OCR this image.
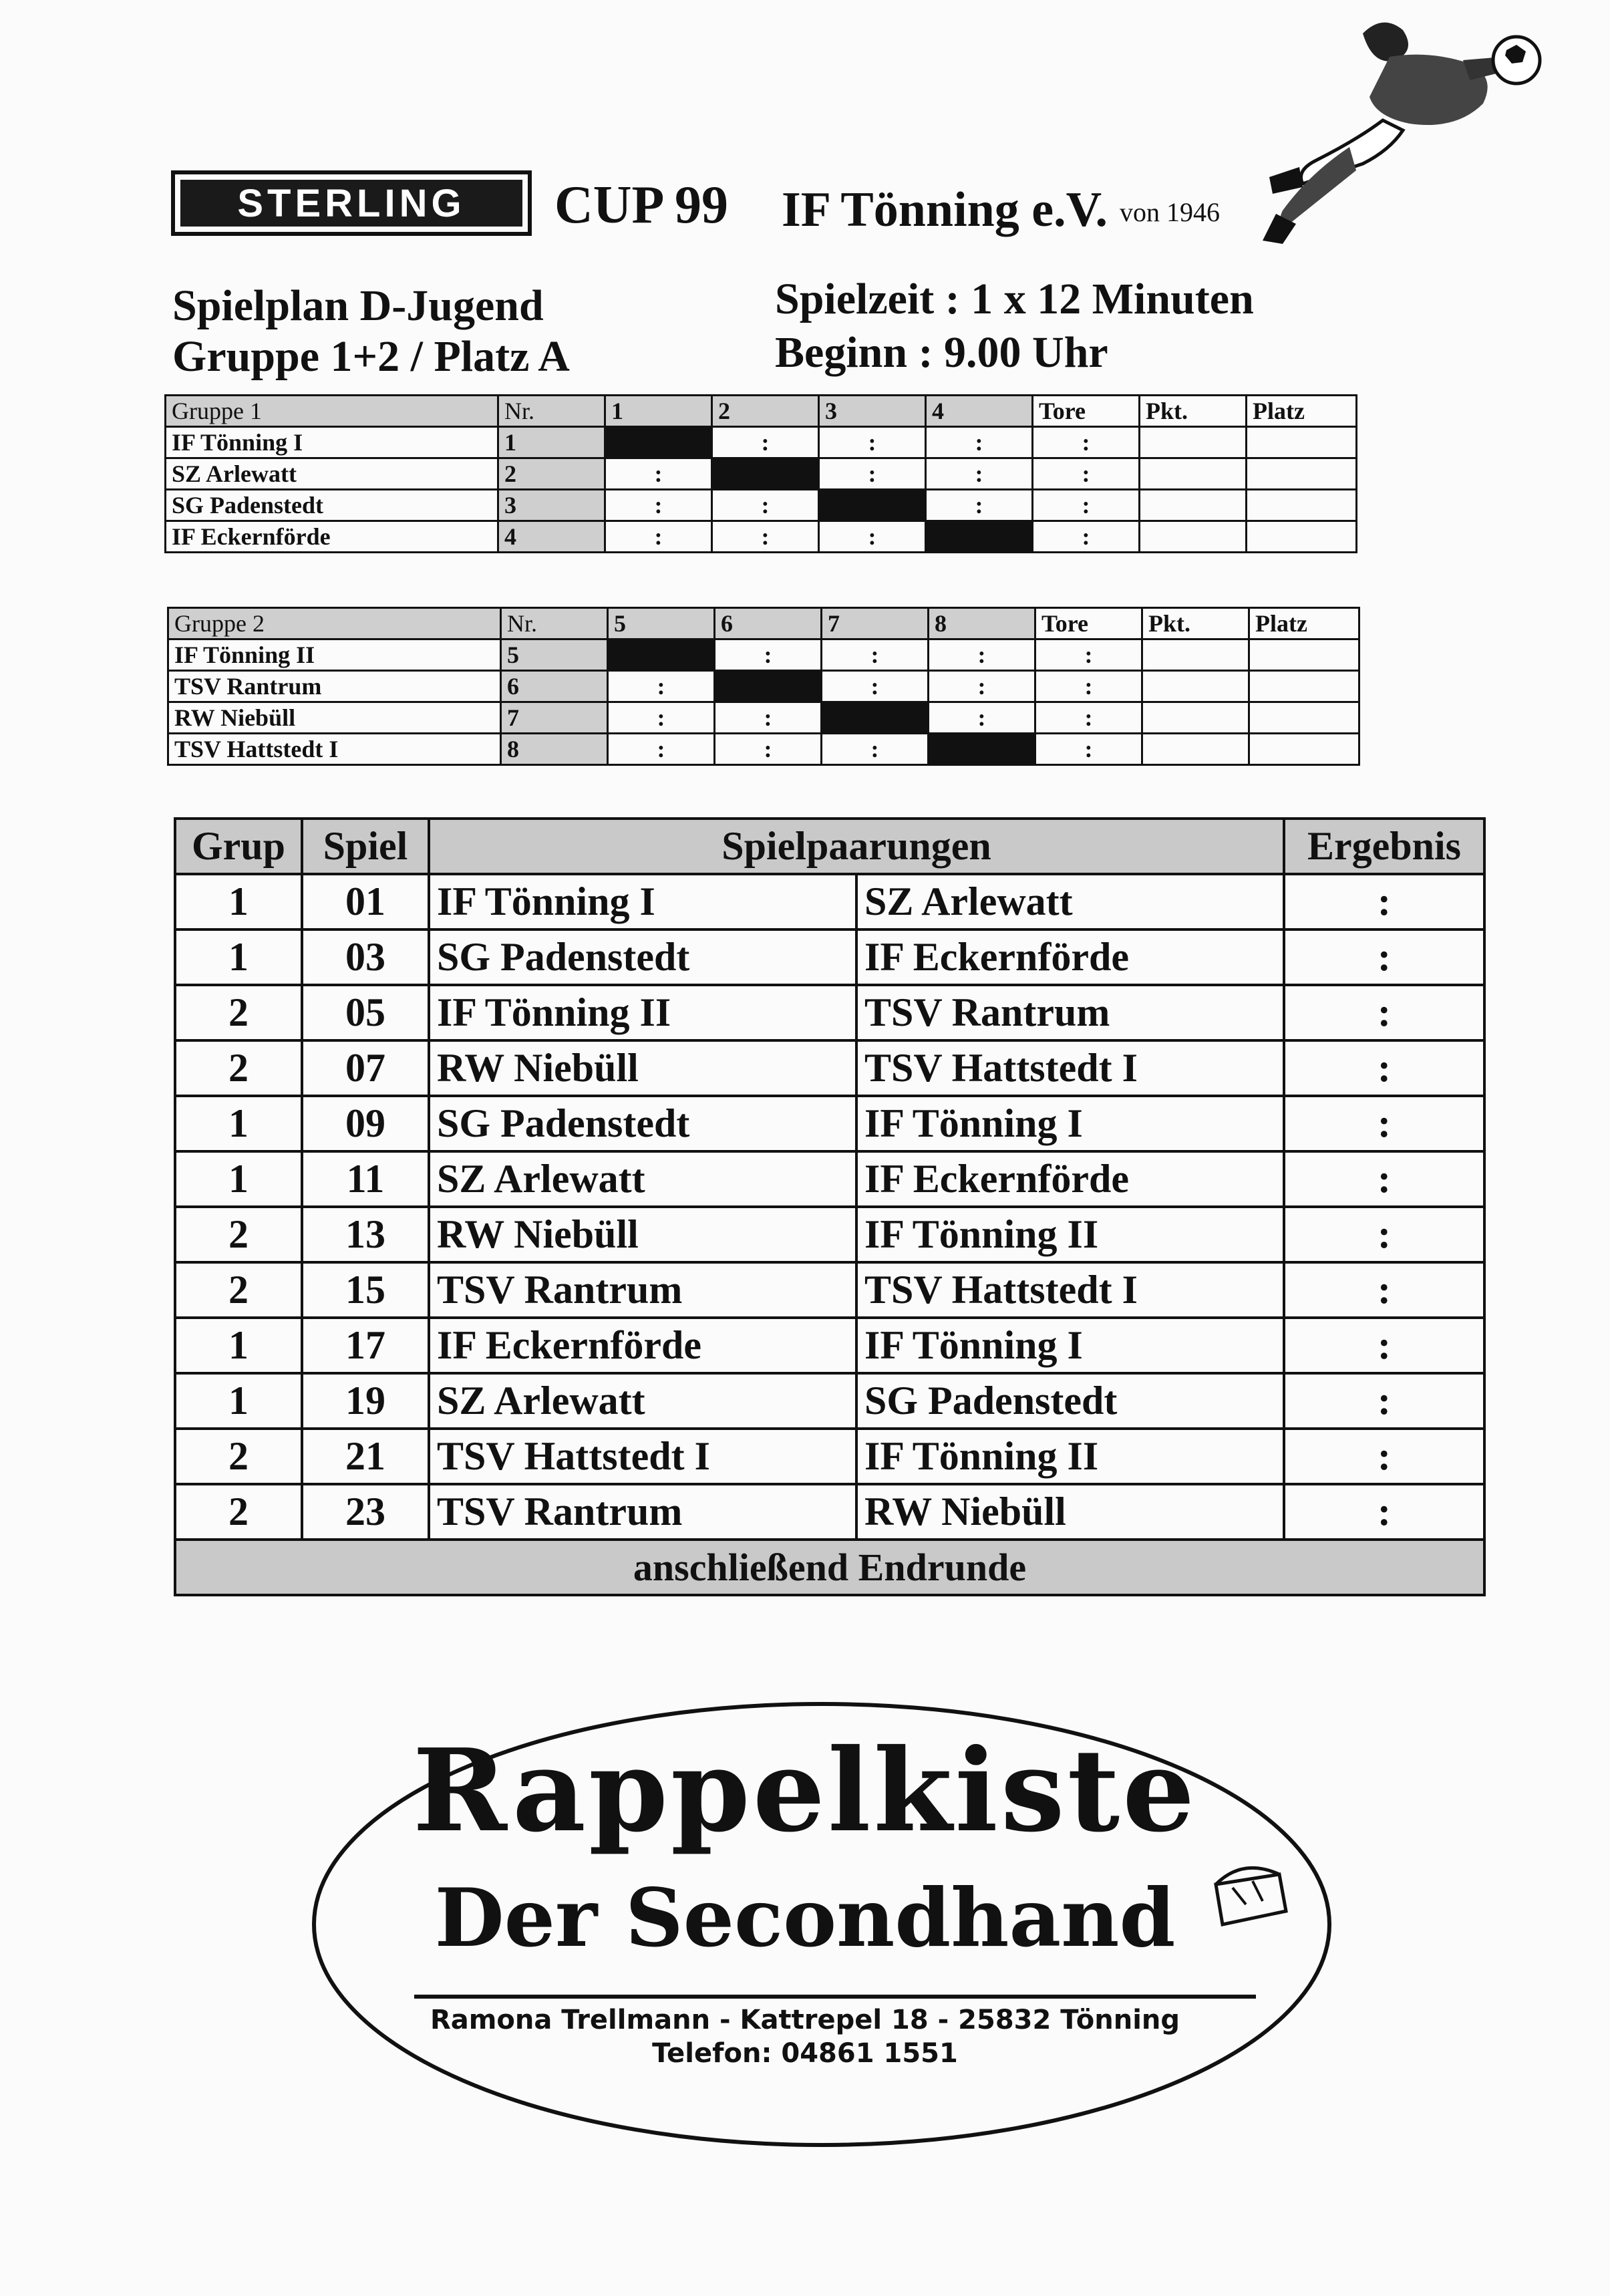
STERLING	CUP 99 IF Tönning e.V. von 1946
Spielplan D-Jugend
Gruppe 1+2 / Platz A
Spielzeit : 1 x 12 Minuten
Beginn : 9.00 Uhr
Gruppe 1	Nr.	1	2	3	4	Tore	Pkt.	Platz
IF Tönning I	1		:	:	:	:		
SZ Arlewatt	2	:		:	:	:		
SG Padenstedt	3	:	:		:	:		
IF Eckernförde	4	:	:	:		:		
Gruppe 2	Nr.	5	6	7	8	Tore	Pkt.	Platz
IF Tönning II	5		:	:	:	:		
TSV Rantrum	6	:		:	:	:		
RW Niebüll	7	:	:		:	:		
TSV Hattstedt I	8	:	:	:		:		
Grup	Spiel	Spielpaarungen		Ergebnis
1	01	IF Tönning I	SZ Arlewatt	:
1	03	SG Padenstedt	IF Eckernförde	:
2	05	IF Tönning II	TSV Rantrum	:
2	07	RW Niebüll	TSV Hattstedt I	:
1	09	SG Padenstedt	IF Tönning I	:
1	11	SZ Arlewatt	IF Eckernförde	:
2	13	RW Niebüll	IF Tönning II	:
2	15	TSV Rantrum	TSV Hattstedt I	:
1	17	IF Eckernförde	IF Tönning I	:
1	19	SZ Arlewatt	SG Padenstedt	:
2	21	TSV Hattstedt I	IF Tönning II	:
2	23	TSV Rantrum	RW Niebüll	:
anschließend Endrunde				
Rappelkiste
Der Secondhand
Ramona Trellmann - Kattrepel 18 - 25832 Tönning
Telefon: 04861 1551
